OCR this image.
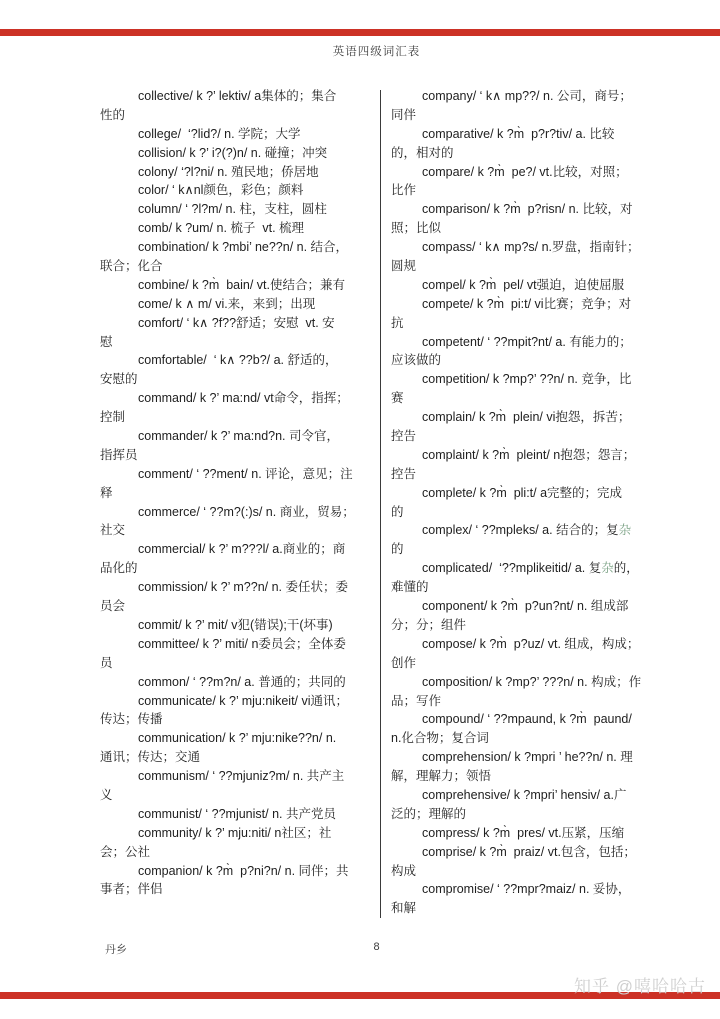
英语四级词汇表
collective/ k ?’ lektiv/ a集体的；集合
性的
college/  ‘?lid?/ n. 学院；大学
collision/ k ?’ i?(?)n/ n. 碰撞；冲突
colony/ ‘?l?ni/ n. 殖民地；侨居地
color/ ‘ k∧nl颜色，彩色；颜料
column/ ‘ ?l?m/ n. 柱，支柱，圆柱
comb/ k ?um/ n. 梳子  vt. 梳理
combination/ k ?mbi’ ne??n/ n. 结合，
联合；化合
combine/ k ?m̀  bain/ vt.使结合；兼有
come/ k ∧ m/ vi.来，来到；出现
comfort/ ‘ k∧ ?f??舒适；安慰  vt. 安
慰
comfortable/  ‘ k∧ ??b?/ a. 舒适的，
安慰的
command/ k ?’ ma:nd/ vt命令，指挥；
控制
commander/ k ?’ ma:nd?n. 司令官，
指挥员
comment/ ‘ ??ment/ n. 评论，意见；注
释
commerce/ ‘ ??m?(:)s/ n. 商业，贸易；
社交
commercial/ k ?’ m???l/ a.商业的；商
品化的
commission/ k ?’ m??n/ n. 委任状；委
员会
commit/ k ?’ mit/ v犯(错误);干(坏事)
committee/ k ?’ miti/ n委员会；全体委
员
common/ ‘ ??m?n/ a. 普通的；共同的
communicate/ k ?’ mju:nikeit/ vi通讯；
传达；传播
communication/ k ?’ mju:nike??n/ n.
通讯；传达；交通
communism/ ‘ ??mjuniz?m/ n. 共产主
义
communist/ ‘ ??mjunist/ n. 共产党员
community/ k ?’ mju:niti/ n社区；社
会；公社
companion/ k ?m̀  p?ni?n/ n. 同伴；共
事者；伴侣
company/ ‘ k∧ mp??/ n. 公司，商号；
同伴
comparative/ k ?m̀  p?r?tiv/ a. 比较
的，相对的
compare/ k ?m̀  pe?/ vt.比较，对照；
比作
comparison/ k ?m̀  p?risn/ n. 比较，对
照；比似
compass/ ‘ k∧ mp?s/ n.罗盘，指南针；
圆规
compel/ k ?m̀  pel/ vt强迫，迫使屈服
compete/ k ?m̀  pi:t/ vi比赛；竞争；对
抗
competent/ ‘ ??mpit?nt/ a. 有能力的；
应该做的
competition/ k ?mp?’ ??n/ n. 竞争，比
赛
complain/ k ?m̀  plein/ vi抱怨，拆苦；
控告
complaint/ k ?m̀  pleint/ n抱怨；怨言；
控告
complete/ k ?m̀  pli:t/ a完整的；完成
的
complex/ ‘ ??mpleks/ a. 结合的；复杂
的
complicated/  ‘??mplikeitid/ a. 复杂的，
难懂的
component/ k ?m̀  p?un?nt/ n. 组成部
分；分；组件
compose/ k ?m̀  p?uz/ vt. 组成，构成；
创作
composition/ k ?mp?’ ???n/ n. 构成；作
品；写作
compound/ ‘ ??mpaund, k ?m̀  paund/
n.化合物；复合词
comprehension/ k ?mpri ’ he??n/ n. 理
解，理解力；领悟
comprehensive/ k ?mpri’ hensiv/ a.广
泛的；理解的
compress/ k ?m̀  pres/ vt.压紧，压缩
comprise/ k ?m̀  praiz/ vt.包含，包括；
构成
compromise/ ‘ ??mpr?maiz/ n. 妥协，
和解
丹乡	8
知乎 @嘻哈哈古
